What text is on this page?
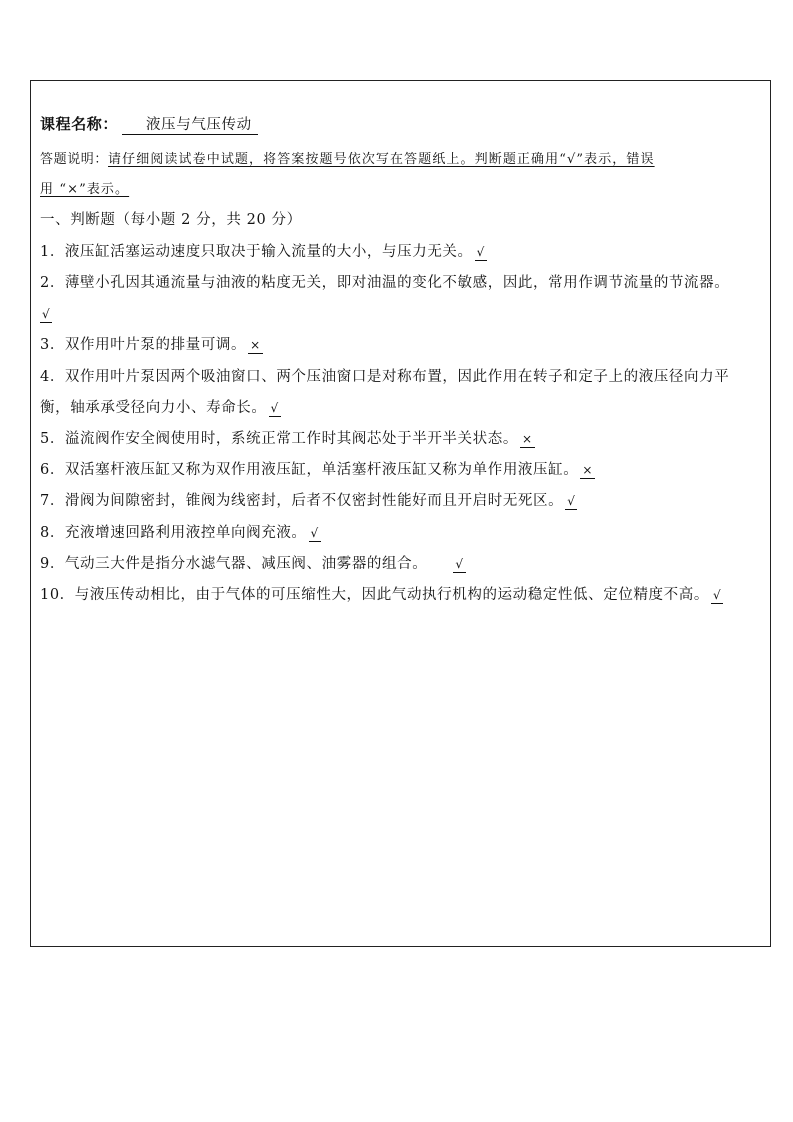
课程名称： 液压与气压传动
答题说明：请仔细阅读试卷中试题，将答案按题号依次写在答题纸上。判断题正确用“√”表示，错误
用 “×”表示。
一、判断题（每小题 2 分，共 20 分）
1．液压缸活塞运动速度只取决于输入流量的大小，与压力无关。 √
2．薄壁小孔因其通流量与油液的粘度无关，即对油温的变化不敏感，因此，常用作调节流量的节流器。
√
3．双作用叶片泵的排量可调。 ×
4．双作用叶片泵因两个吸油窗口、两个压油窗口是对称布置，因此作用在转子和定子上的液压径向力平
衡，轴承承受径向力小、寿命长。 √
5．溢流阀作安全阀使用时，系统正常工作时其阀芯处于半开半关状态。 ×
6．双活塞杆液压缸又称为双作用液压缸，单活塞杆液压缸又称为单作用液压缸。 ×
7．滑阀为间隙密封，锥阀为线密封，后者不仅密封性能好而且开启时无死区。 √
8．充液增速回路利用液控单向阀充液。 √
9．气动三大件是指分水滤气器、减压阀、油雾器的组合。 √
10．与液压传动相比，由于气体的可压缩性大，因此气动执行机构的运动稳定性低、定位精度不高。 √
